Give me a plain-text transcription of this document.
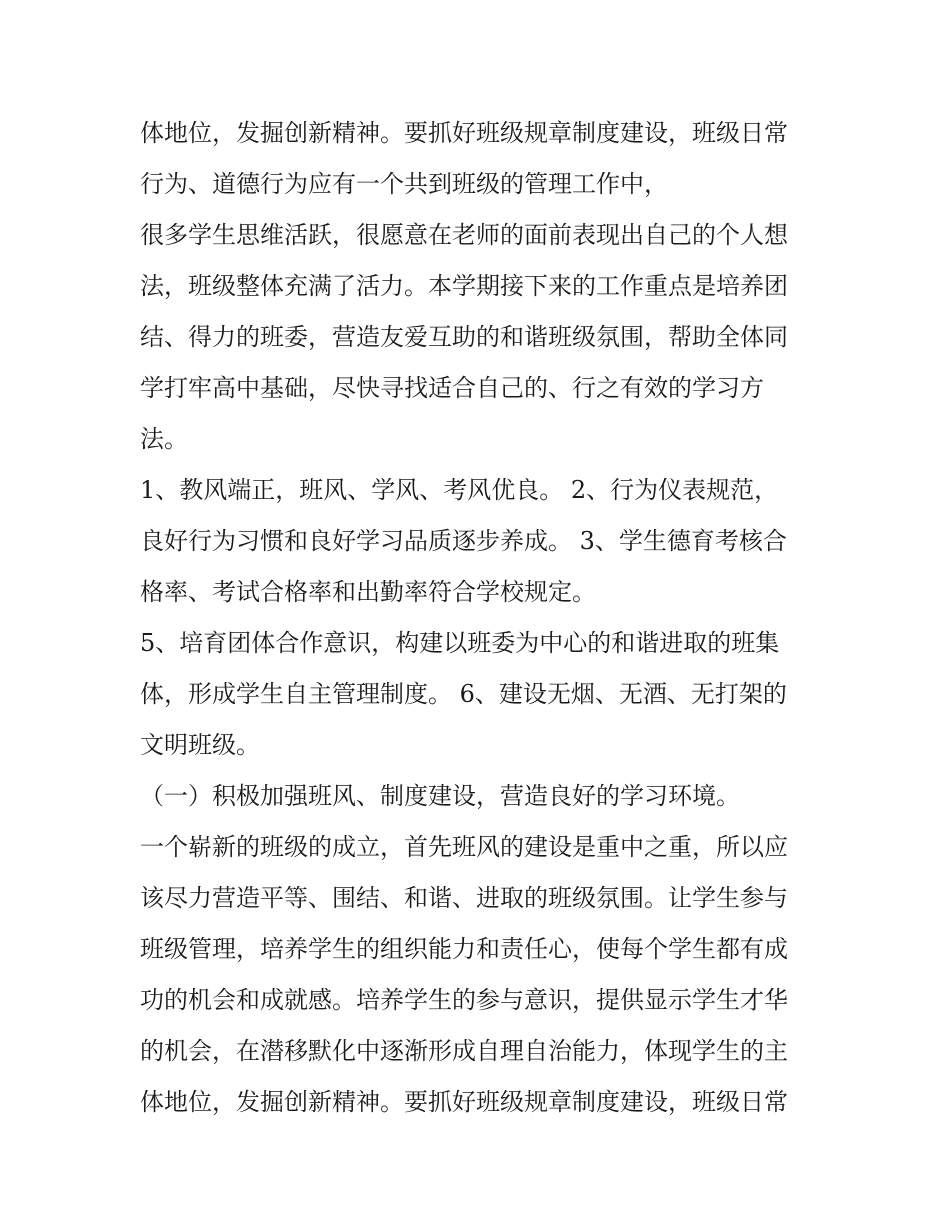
体地位，发掘创新精神。要抓好班级规章制度建设，班级日常
行为、道德行为应有一个共到班级的管理工作中，
很多学生思维活跃，很愿意在老师的面前表现出自己的个人想
法，班级整体充满了活力。本学期接下来的工作重点是培养团
结、得力的班委，营造友爱互助的和谐班级氛围，帮助全体同
学打牢高中基础，尽快寻找适合自己的、行之有效的学习方
法。
1、教风端正，班风、学风、考风优良。 2、行为仪表规范，
良好行为习惯和良好学习品质逐步养成。 3、学生德育考核合
格率、考试合格率和出勤率符合学校规定。
5、培育团体合作意识，构建以班委为中心的和谐进取的班集
体，形成学生自主管理制度。 6、建设无烟、无酒、无打架的
文明班级。
（一）积极加强班风、制度建设，营造良好的学习环境。
一个崭新的班级的成立，首先班风的建设是重中之重，所以应
该尽力营造平等、围结、和谐、进取的班级氛围。让学生参与
班级管理，培养学生的组织能力和责任心，使每个学生都有成
功的机会和成就感。培养学生的参与意识，提供显示学生才华
的机会，在潜移默化中逐渐形成自理自治能力，体现学生的主
体地位，发掘创新精神。要抓好班级规章制度建设，班级日常
